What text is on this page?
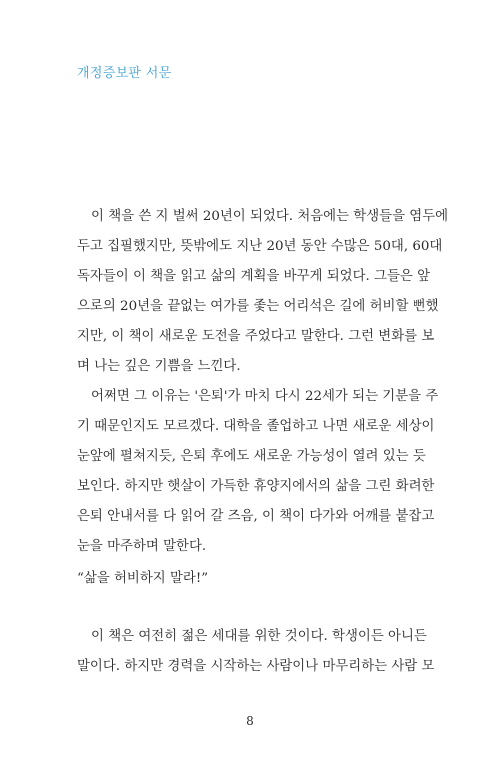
개정증보판 서문
이 책을 쓴 지 벌써 20년이 되었다. 처음에는 학생들을 염두에
두고 집필했지만, 뜻밖에도 지난 20년 동안 수많은 50대, 60대
독자들이 이 책을 읽고 삶의 계획을 바꾸게 되었다. 그들은 앞
으로의 20년을 끝없는 여가를 좇는 어리석은 길에 허비할 뻔했
지만, 이 책이 새로운 도전을 주었다고 말한다. 그런 변화를 보
며 나는 깊은 기쁨을 느낀다.
어쩌면 그 이유는 '은퇴'가 마치 다시 22세가 되는 기분을 주
기 때문인지도 모르겠다. 대학을 졸업하고 나면 새로운 세상이
눈앞에 펼쳐지듯, 은퇴 후에도 새로운 가능성이 열려 있는 듯
보인다. 하지만 햇살이 가득한 휴양지에서의 삶을 그린 화려한
은퇴 안내서를 다 읽어 갈 즈음, 이 책이 다가와 어깨를 붙잡고
눈을 마주하며 말한다.

“삶을 허비하지 말라!”

이 책은 여전히 젊은 세대를 위한 것이다. 학생이든 아니든
말이다. 하지만 경력을 시작하는 사람이나 마무리하는 사람 모
8
